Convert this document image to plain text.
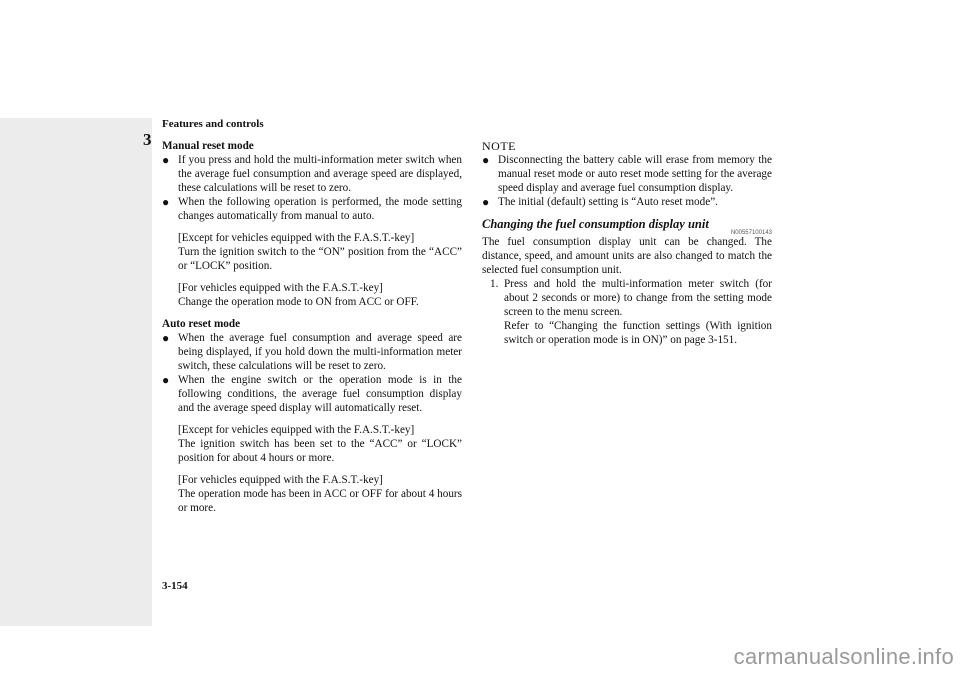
Features and controls
3 Manual reset mode

● If you press and hold the multi-information meter switch when the average fuel consumption and average speed are displayed, these calculations will be reset to zero.

● When the following operation is performed, the mode setting changes automatically from manual to auto.

[Except for vehicles equipped with the F.A.S.T.-key]

Turn the ignition switch to the “ON” position from the “ACC” or “LOCK” position.

[For vehicles equipped with the F.A.S.T.-key]

Change the operation mode to ON from ACC or OFF.

Auto reset mode

● When the average fuel consumption and average speed are being displayed, if you hold down the multi-information meter switch, these calculations will be reset to zero.

● When the engine switch or the operation mode is in the following conditions, the average fuel consumption display and the average speed display will automatically reset.

[Except for vehicles equipped with the F.A.S.T.-key]

The ignition switch has been set to the “ACC” or “LOCK” position for about 4 hours or more.

[For vehicles equipped with the F.A.S.T.-key]

The operation mode has been in ACC or OFF for about 4 hours or more.

NOTE

● Disconnecting the battery cable will erase from memory the manual reset mode or auto reset mode setting for the average speed display and average fuel consumption display.

● The initial (default) setting is “Auto reset mode”.

Changing the fuel consumption display unit

N00557100143

The fuel consumption display unit can be changed. The distance, speed, and amount units are also changed to match the selected fuel consumption unit.

1. Press and hold the multi-information meter switch (for about 2 seconds or more) to change from the setting mode screen to the menu screen.

Refer to “Changing the function settings (With ignition switch or operation mode is in ON)” on page 3-151.

3-154
carmanualsonline.info
